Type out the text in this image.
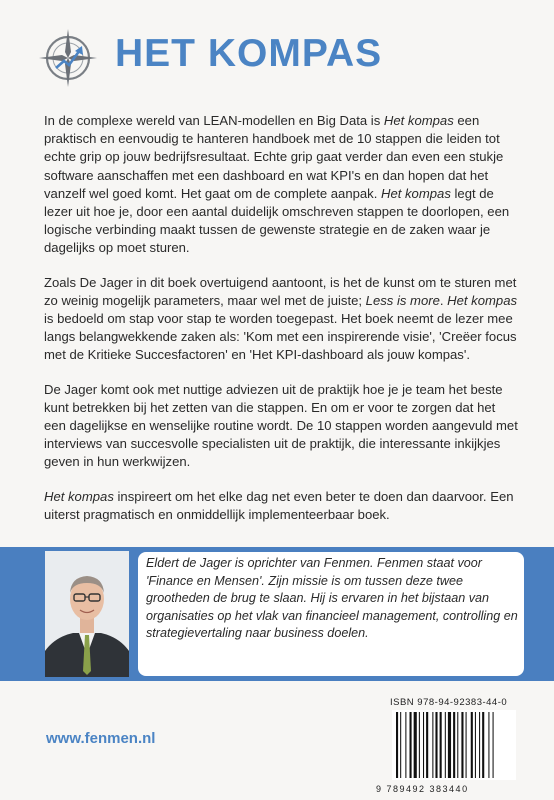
HET KOMPAS

In de complexe wereld van LEAN-modellen en Big Data is Het kompas een praktisch en eenvoudig te hanteren handboek met de 10 stappen die leiden tot echte grip op jouw bedrijfsresultaat. Echte grip gaat verder dan even een stukje software aanschaffen met een dashboard en wat KPI's en dan hopen dat het vanzelf wel goed komt. Het gaat om de complete aanpak. Het kompas legt de lezer uit hoe je, door een aantal duidelijk omschreven stappen te doorlopen, een logische verbinding maakt tussen de gewenste strategie en de zaken waar je dagelijks op moet sturen.

Zoals De Jager in dit boek overtuigend aantoont, is het de kunst om te sturen met zo weinig mogelijk parameters, maar wel met de juiste; Less is more. Het kompas is bedoeld om stap voor stap te worden toegepast. Het boek neemt de lezer mee langs belangwekkende zaken als: 'Kom met een inspirerende visie', 'Creëer focus met de Kritieke Succesfactoren' en 'Het KPI-dashboard als jouw kompas'.

De Jager komt ook met nuttige adviezen uit de praktijk hoe je je team het beste kunt betrekken bij het zetten van die stappen. En om er voor te zorgen dat het een dagelijkse en wenselijke routine wordt. De 10 stappen worden aangevuld met interviews van succesvolle specialisten uit de praktijk, die interessante inkijkjes geven in hun werkwijzen.

Het kompas inspireert om het elke dag net even beter te doen dan daarvoor. Een uiterst pragmatisch en onmiddellijk implementeerbaar boek.

Eldert de Jager is oprichter van Fenmen. Fenmen staat voor 'Finance en Mensen'. Zijn missie is om tussen deze twee grootheden de brug te slaan. Hij is ervaren in het bijstaan van organisaties op het vlak van financieel management, controlling en strategievertaling naar business doelen.

ISBN 978-94-92383-44-0
9 789492 383440
www.fenmen.nl
